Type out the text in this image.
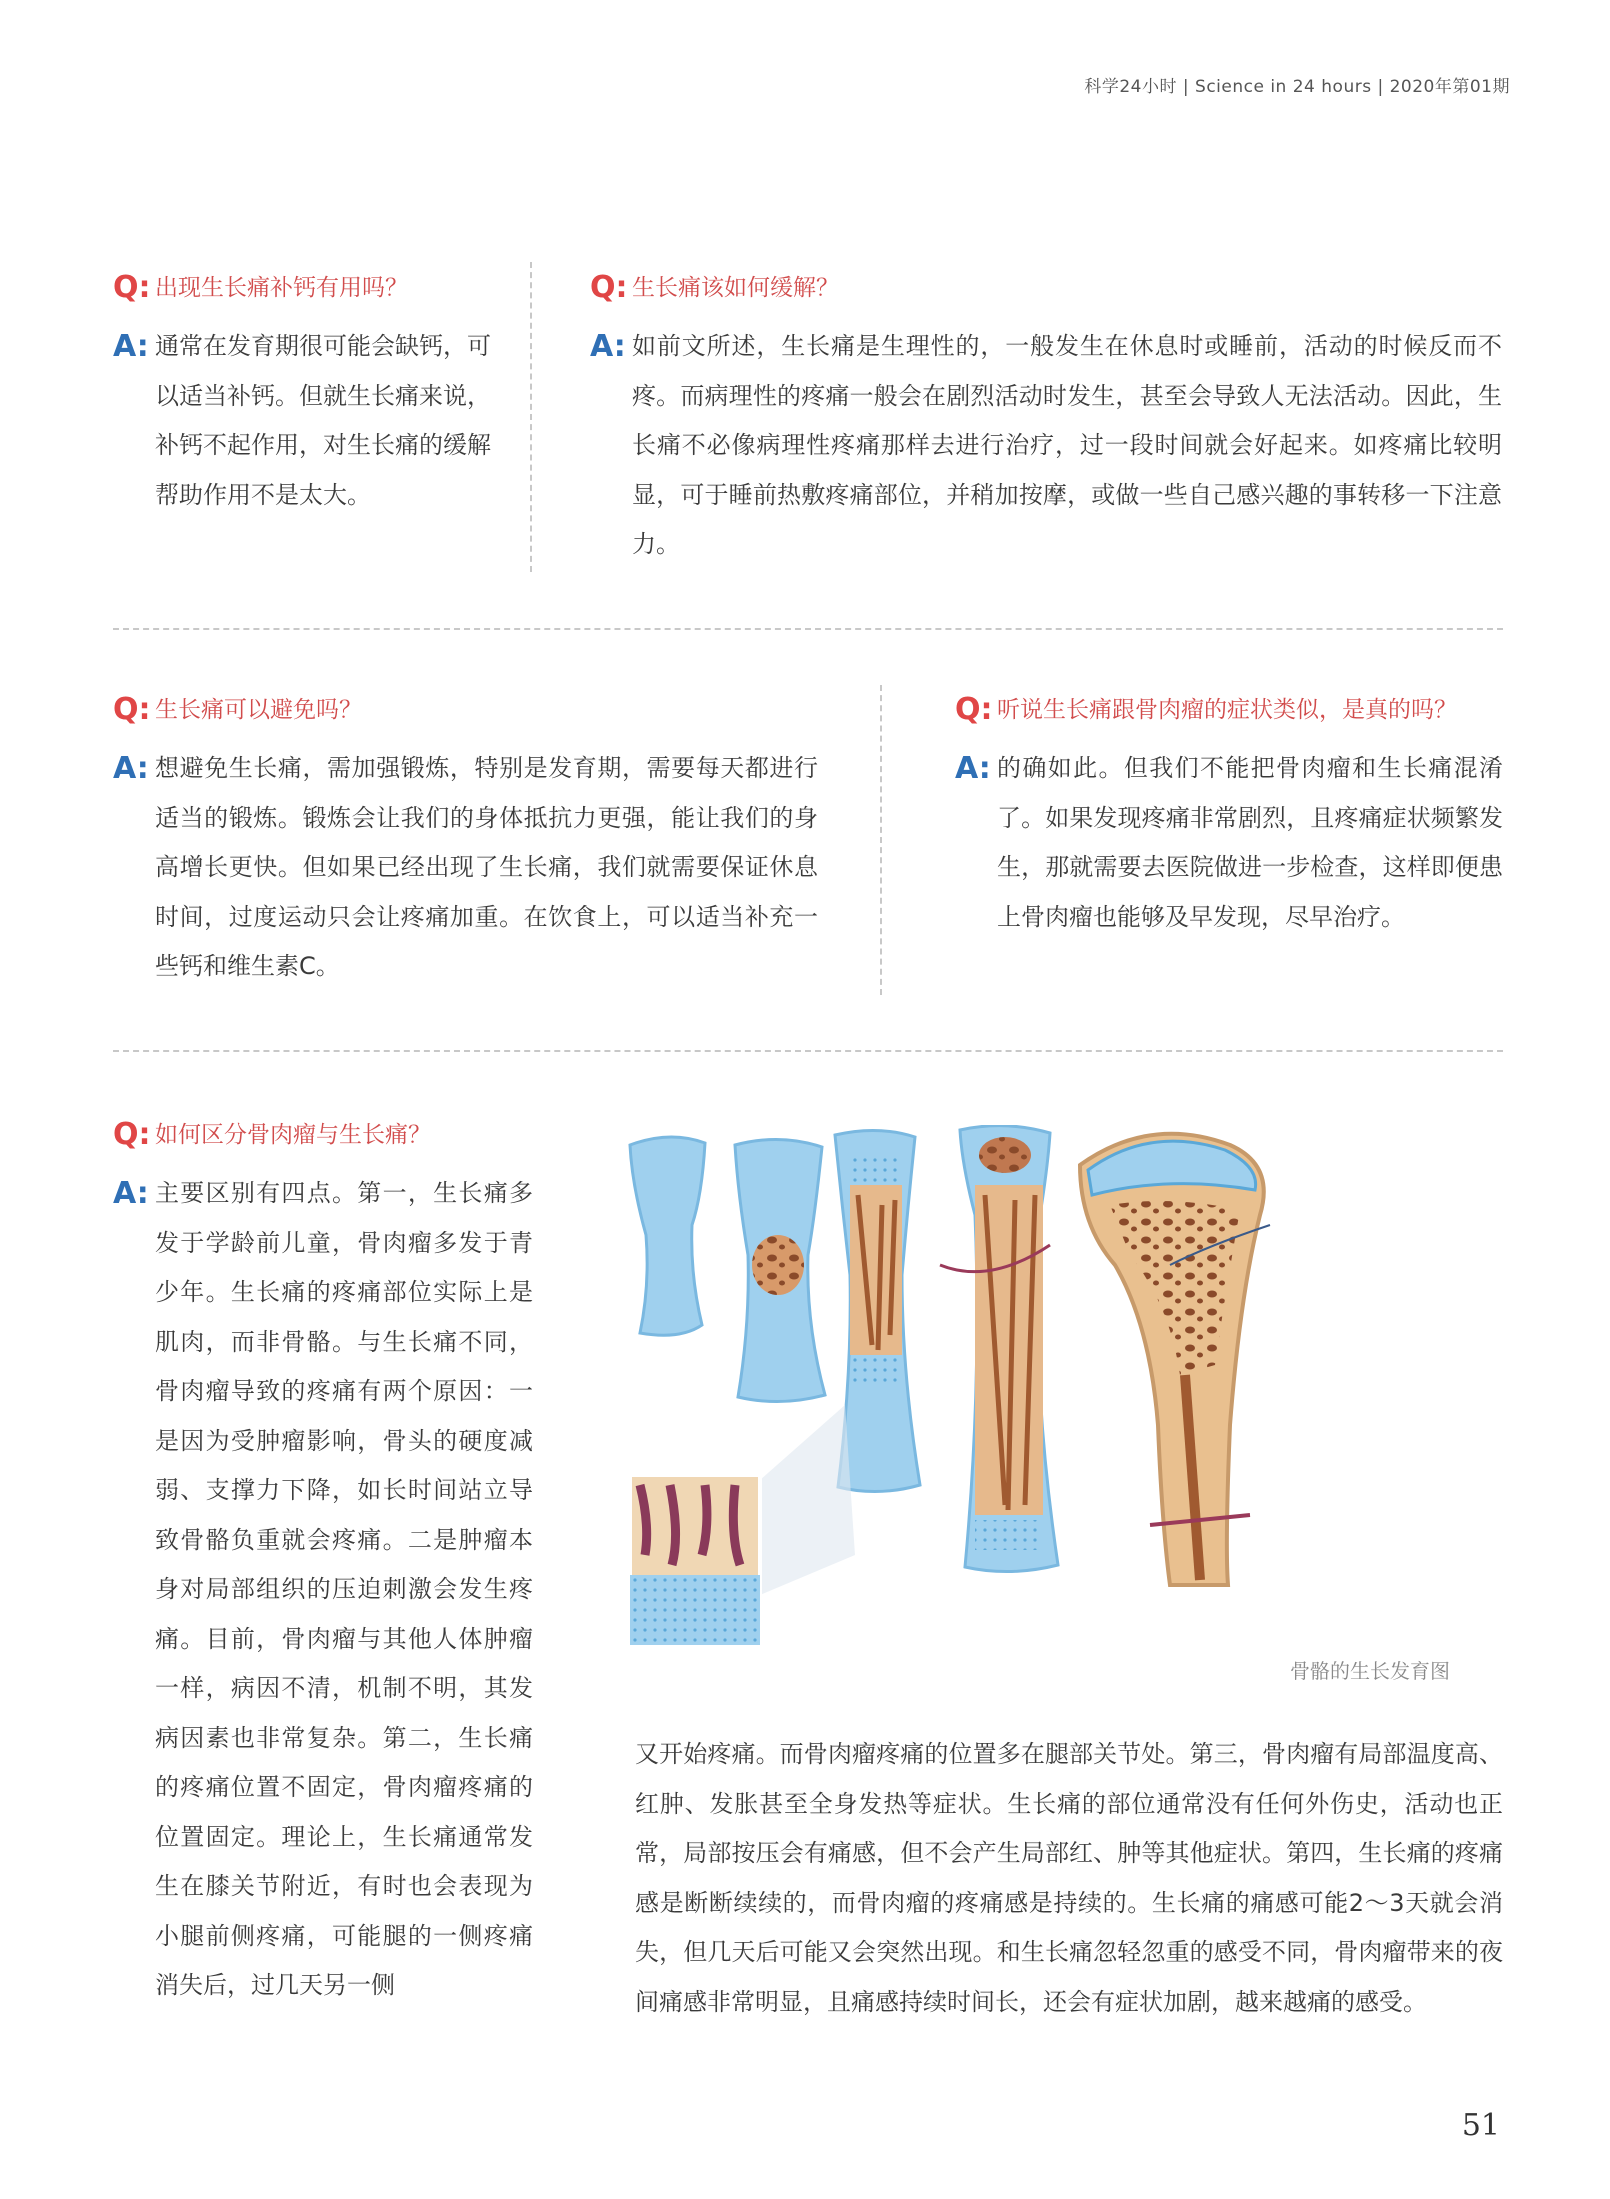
科学24小时 | Science in 24 hours | 2020年第01期

Q: 出现生长痛补钙有用吗？

A: 通常在发育期很可能会缺钙，可以适当补钙。但就生长痛来说，补钙不起作用，对生长痛的缓解帮助作用不是太大。

Q: 生长痛该如何缓解？

A: 如前文所述，生长痛是生理性的，一般发生在休息时或睡前，活动的时候反而不疼。而病理性的疼痛一般会在剧烈活动时发生，甚至会导致人无法活动。因此，生长痛不必像病理性疼痛那样去进行治疗，过一段时间就会好起来。如疼痛比较明显，可于睡前热敷疼痛部位，并稍加按摩，或做一些自己感兴趣的事转移一下注意力。

Q: 生长痛可以避免吗？

A: 想避免生长痛，需加强锻炼，特别是发育期，需要每天都进行适当的锻炼。锻炼会让我们的身体抵抗力更强，能让我们的身高增长更快。但如果已经出现了生长痛，我们就需要保证休息时间，过度运动只会让疼痛加重。在饮食上，可以适当补充一些钙和维生素C。

Q: 听说生长痛跟骨肉瘤的症状类似，是真的吗？

A: 的确如此。但我们不能把骨肉瘤和生长痛混淆了。如果发现疼痛非常剧烈，且疼痛症状频繁发生，那就需要去医院做进一步检查，这样即便患上骨肉瘤也能够及早发现，尽早治疗。

Q: 如何区分骨肉瘤与生长痛？

A: 主要区别有四点。第一，生长痛多发于学龄前儿童，骨肉瘤多发于青少年。生长痛的疼痛部位实际上是肌肉，而非骨骼。与生长痛不同，骨肉瘤导致的疼痛有两个原因：一是因为受肿瘤影响，骨头的硬度减弱、支撑力下降，如长时间站立导致骨骼负重就会疼痛。二是肿瘤本身对局部组织的压迫刺激会发生疼痛。目前，骨肉瘤与其他人体肿瘤一样，病因不清，机制不明，其发病因素也非常复杂。第二，生长痛的疼痛位置不固定，骨肉瘤疼痛的位置固定。理论上，生长痛通常发生在膝关节附近，有时也会表现为小腿前侧疼痛，可能腿的一侧疼痛消失后，过几天另一侧

骨骼的生长发育图

又开始疼痛。而骨肉瘤疼痛的位置多在腿部关节处。第三，骨肉瘤有局部温度高、红肿、发胀甚至全身发热等症状。生长痛的部位通常没有任何外伤史，活动也正常，局部按压会有痛感，但不会产生局部红、肿等其他症状。第四，生长痛的疼痛感是断断续续的，而骨肉瘤的疼痛感是持续的。生长痛的痛感可能2～3天就会消失，但几天后可能又会突然出现。和生长痛忽轻忽重的感受不同，骨肉瘤带来的夜间痛感非常明显，且痛感持续时间长，还会有症状加剧，越来越痛的感受。

51
